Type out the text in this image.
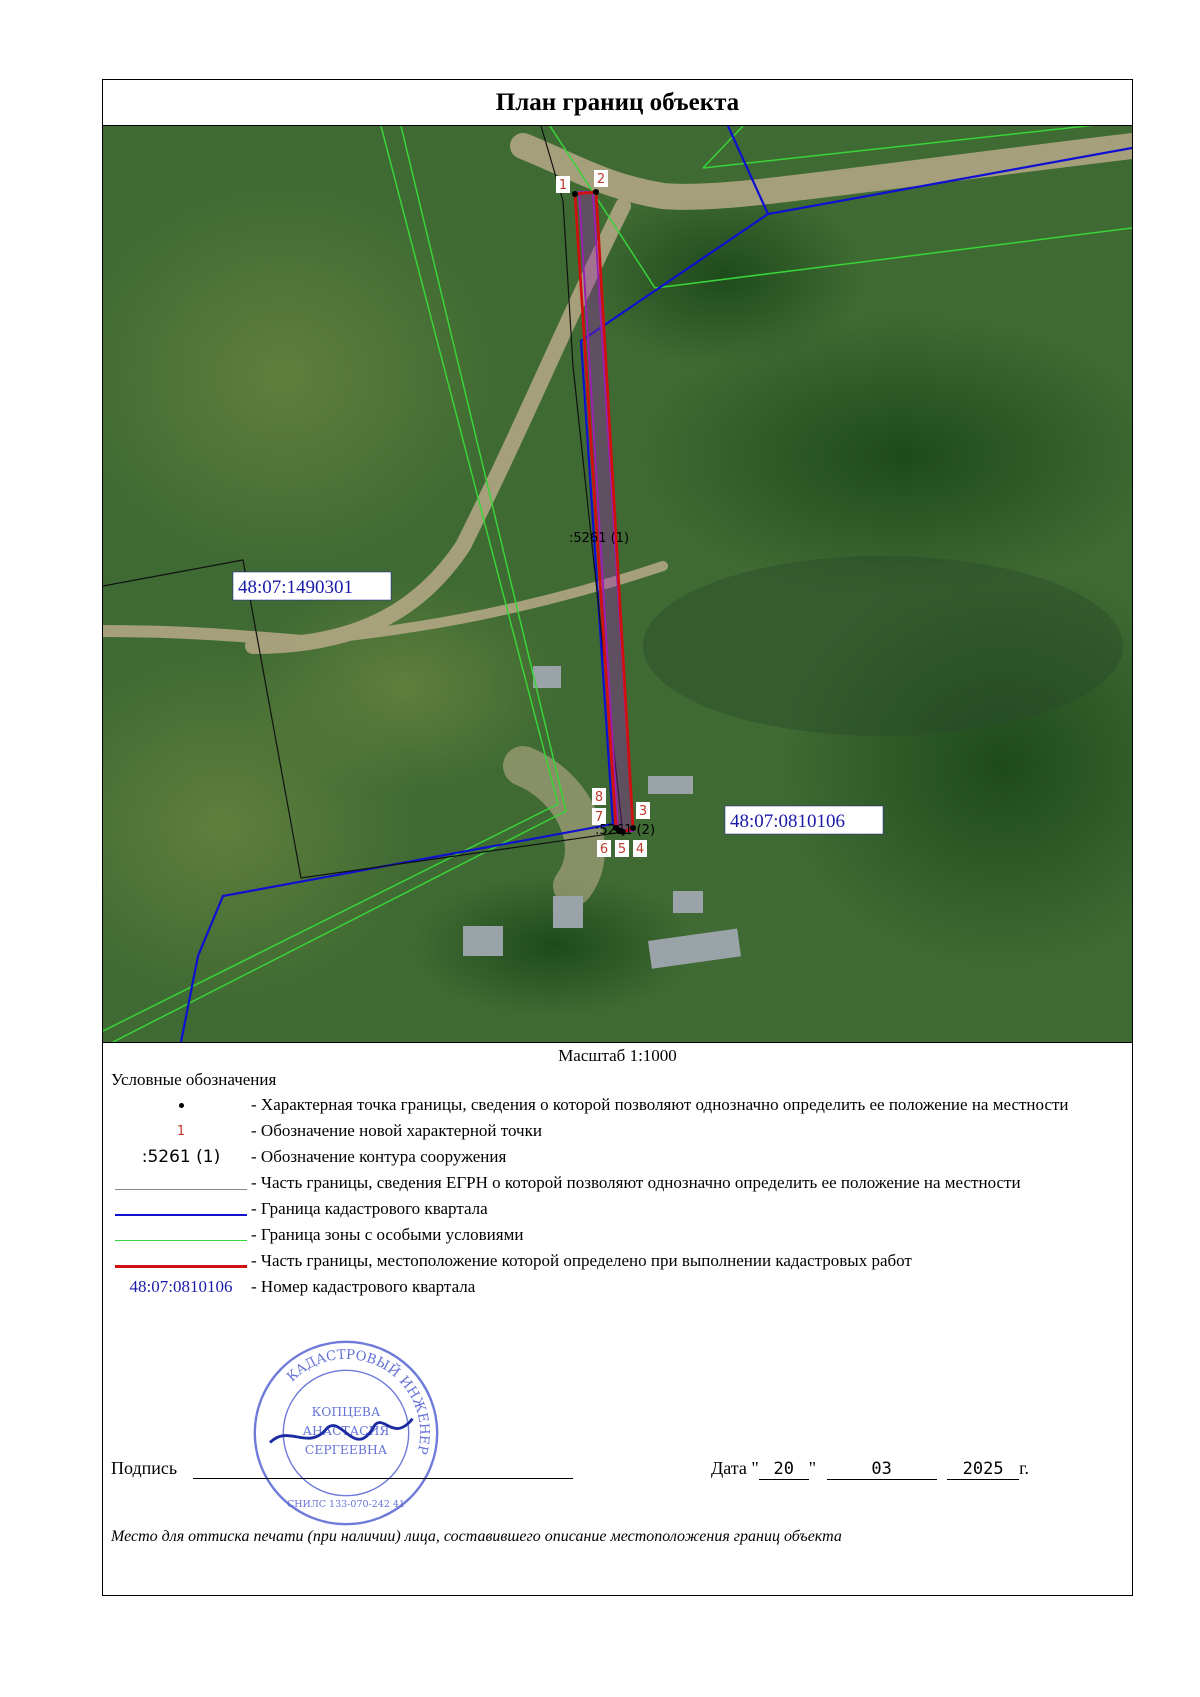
План границ объекта
1 2
3
4
5
6
7
8
:5261 (1)
:5261 (2)
48:07:1490301
48:07:0810106
Масштаб 1:1000
Условные обозначения
- Характерная точка границы, сведения о которой позволяют однозначно определить ее положение на местности
1	- Обозначение новой характерной точки
:5261 (1) - Обозначение контура сооружения
- Часть границы, сведения ЕГРН о которой позволяют однозначно определить ее положение на местности
- Граница кадастрового квартала
- Граница зоны с особыми условиями
- Часть границы, местоположение которой определено при выполнении кадастровых работ
48:07:0810106 - Номер кадастрового квартала
КАДАСТРОВЫЙ ИНЖЕНЕР
КОПЦЕВА
АНАСТАСИЯ
СЕРГЕЕВНА
СНИЛС 133-070-242 41
Подпись	Дата " 20 "	03	2025 г.
Место для оттиска печати (при наличии) лица, составившего описание местоположения границ объекта
